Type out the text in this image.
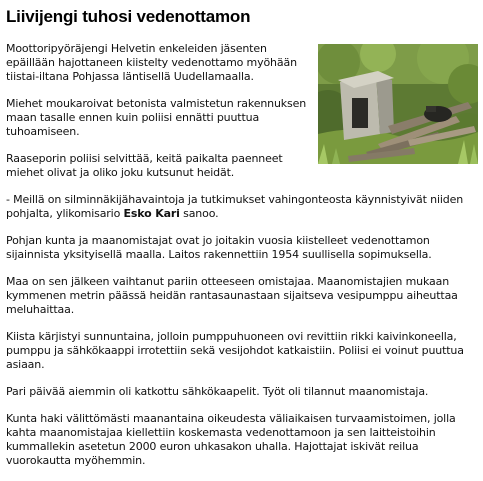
Liivijengi tuhosi vedenottamon

Moottoripyöräjengi Helvetin enkeleiden jäsenten epäillään hajottaneen kiistelty vedenottamo myöhään tiistai-iltana Pohjassa läntisellä Uudellamaalla.

Miehet moukaroivat betonista valmistetun rakennuksen maan tasalle ennen kuin poliisi ennätti puuttua tuhoamiseen.

Raaseporin poliisi selvittää, keitä paikalta paenneet miehet olivat ja oliko joku kutsunut heidät.

- Meillä on silminnäkijähavaintoja ja tutkimukset vahingonteosta käynnistyivät niiden pohjalta, ylikomisario Esko Kari sanoo.

Pohjan kunta ja maanomistajat ovat jo joitakin vuosia kiistelleet vedenottamon sijainnista yksityisellä maalla. Laitos rakennettiin 1954 suullisella sopimuksella.

Maa on sen jälkeen vaihtanut pariin otteeseen omistajaa. Maanomistajien mukaan kymmenen metrin päässä heidän rantasaunastaan sijaitseva vesipumppu aiheuttaa meluhaittaa.

Kiista kärjistyi sunnuntaina, jolloin pumppuhuoneen ovi revittiin rikki kaivinkoneella, pumppu ja sähkökaappi irrotettiin sekä vesijohdot katkaistiin. Poliisi ei voinut puuttua asiaan.

Pari päivää aiemmin oli katkottu sähkökaapelit. Työt oli tilannut maanomistaja.

Kunta haki välittömästi maanantaina oikeudesta väliaikaisen turvaamistoimen, jolla kahta maanomistajaa kiellettiin koskemasta vedenottamoon ja sen laitteistoihin kummallekin asetetun 2000 euron uhkasakon uhalla. Hajottajat iskivät reilua vuorokautta myöhemmin.
